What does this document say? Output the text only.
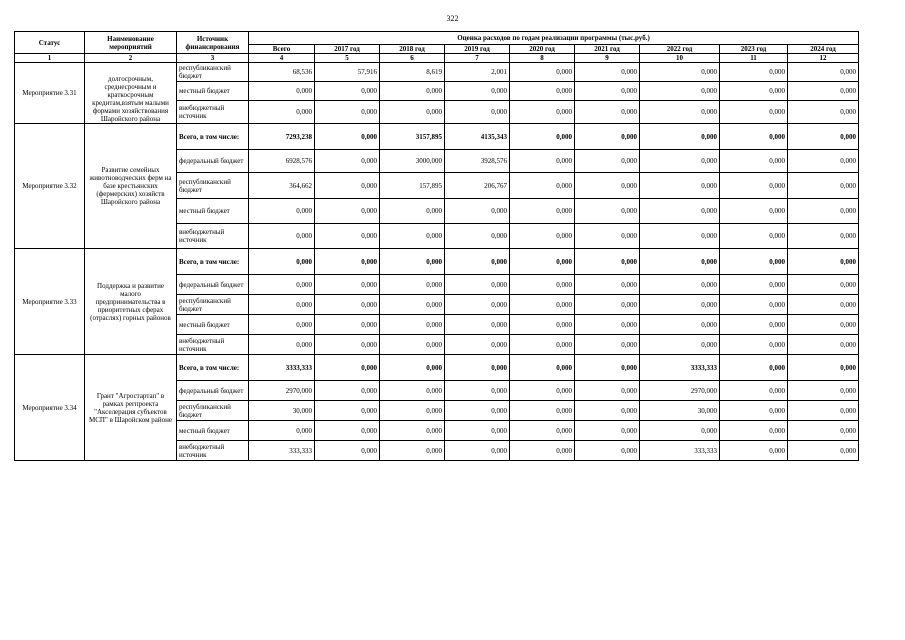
322
Статус	Наименование мероприятий	Источник финансирования	Оценка расходов по годам реализации программы (тыс.руб.)								
			Всего	2017 год	2018 год	2019 год	2020 год	2021 год	2022 год	2023 год	2024 год
1	2	3	4	5	6	7	8	9	10	11	12
Мероприятие 3.31	долгосрочным, среднесрочным и краткосрочным кредитам,взятым малыми формами хозяйствования Шаройского района	республиканский бюджет	68,536	57,916	8,619	2,001	0,000	0,000	0,000	0,000	0,000
		местный бюджет	0,000	0,000	0,000	0,000	0,000	0,000	0,000	0,000	0,000
		внебюджетный источник	0,000	0,000	0,000	0,000	0,000	0,000	0,000	0,000	0,000
Мероприятие 3.32	Развитие семейных животноводческих ферм на базе крестьянских (фермерских) хозяйств Шаройского района	Всего, в том числе:	7293,238	0,000	3157,895	4135,343	0,000	0,000	0,000	0,000	0,000
		федеральный бюджет	6928,576	0,000	3000,000	3928,576	0,000	0,000	0,000	0,000	0,000
		республиканский бюджет	364,662	0,000	157,895	206,767	0,000	0,000	0,000	0,000	0,000
		местный бюджет	0,000	0,000	0,000	0,000	0,000	0,000	0,000	0,000	0,000
		внебюджетный источник	0,000	0,000	0,000	0,000	0,000	0,000	0,000	0,000	0,000
Мероприятие 3.33	Поддержка и развитие малого предпринимательства в приоритетных сферах (отраслях) горных районов	Всего, в том числе:	0,000	0,000	0,000	0,000	0,000	0,000	0,000	0,000	0,000
		федеральный бюджет	0,000	0,000	0,000	0,000	0,000	0,000	0,000	0,000	0,000
		республиканский бюджет	0,000	0,000	0,000	0,000	0,000	0,000	0,000	0,000	0,000
		местный бюджет	0,000	0,000	0,000	0,000	0,000	0,000	0,000	0,000	0,000
		внебюджетный источник	0,000	0,000	0,000	0,000	0,000	0,000	0,000	0,000	0,000
Мероприятие 3.34	Грант "Агростартап" в рамках регпроекта "Акселерация субъектов МСП" в Шаройском районе	Всего, в том числе:	3333,333	0,000	0,000	0,000	0,000	0,000	3333,333	0,000	0,000
		федеральный бюджет	2970,000	0,000	0,000	0,000	0,000	0,000	2970,000	0,000	0,000
		республиканский бюджет	30,000	0,000	0,000	0,000	0,000	0,000	30,000	0,000	0,000
		местный бюджет	0,000	0,000	0,000	0,000	0,000	0,000	0,000	0,000	0,000
		внебюджетный источник	333,333	0,000	0,000	0,000	0,000	0,000	333,333	0,000	0,000
